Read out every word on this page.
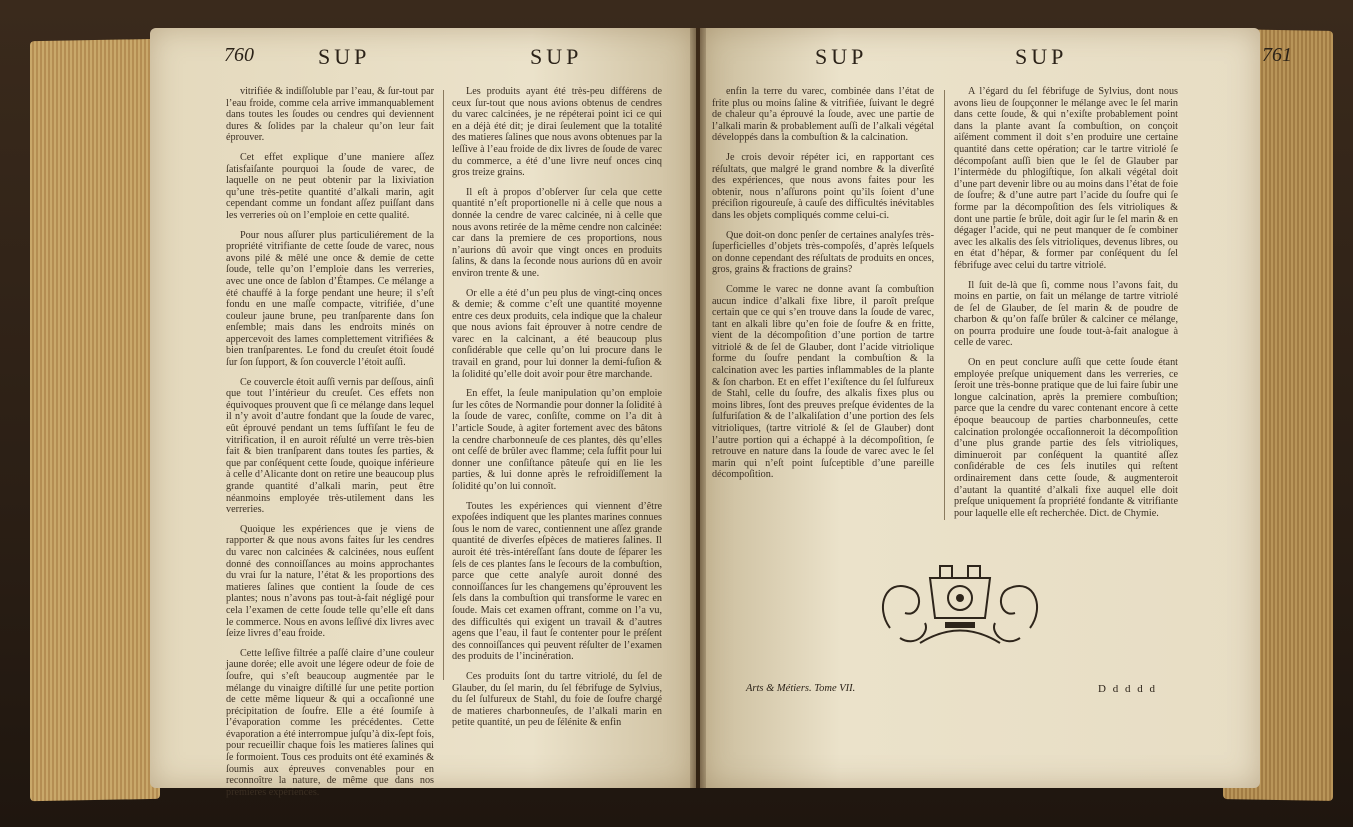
760	SUP	SUP	SUP	SUP	761

vitrifiée & indiſſoluble par l’eau, & ſur-tout par l’eau froide, comme cela arrive immanquablement dans toutes les ſoudes ou cendres qui deviennent dures & ſolides par la chaleur qu’on leur fait éprouver.

Cet effet explique d’une maniere aſſez ſatisfaiſante pourquoi la ſoude de varec, de laquelle on ne peut obtenir par la lixiviation qu’une très-petite quantité d’alkali marin, agit cependant comme un fondant aſſez puiſſant dans les verreries où on l’emploie en cette qualité.

Pour nous aſſurer plus particuliérement de la propriété vitrifiante de cette ſoude de varec, nous avons pilé & mêlé une once & demie de cette ſoude, telle qu’on l’emploie dans les verreries, avec une once de ſablon d’Étampes. Ce mélange a été chauffé à la forge pendant une heure; il s’eſt fondu en une maſſe compacte, vitrifiée, d’une couleur jaune brune, peu tranſparente dans ſon enſemble; mais dans les endroits minés on appercevoit des lames complettement vitrifiées & bien tranſparentes. Le fond du creuſet étoit ſoudé ſur ſon ſupport, & ſon couvercle l’étoit auſſi.

Ce couvercle étoit auſſi vernis par deſſous, ainſi que tout l’intérieur du creuſet. Ces effets non équivoques prouvent que ſi ce mélange dans lequel il n’y avoit d’autre fondant que la ſoude de varec, eût éprouvé pendant un tems ſuffiſant le feu de vitrification, il en auroit réſulté un verre très-bien fait & bien tranſparent dans toutes ſes parties, & que par conſéquent cette ſoude, quoique inférieure à celle d’Alicante dont on retire une beaucoup plus grande quantité d’alkali marin, peut être néanmoins employée très-utilement dans les verreries.

Quoique les expériences que je viens de rapporter & que nous avons faites ſur les cendres du varec non calcinées & calcinées, nous euſſent donné des connoiſſances au moins approchantes du vrai ſur la nature, l’état & les proportions des matieres ſalines que contient la ſoude de ces plantes; nous n’avons pas tout-à-fait négligé pour cela l’examen de cette ſoude telle qu’elle eſt dans le commerce. Nous en avons leſſivé dix livres avec ſeize livres d’eau froide.

Cette leſſive filtrée a paſſé claire d’une couleur jaune dorée; elle avoit une légere odeur de foie de ſoufre, qui s’eſt beaucoup augmentée par le mélange du vinaigre diſtillé ſur une petite portion de cette même liqueur & qui a occaſionné une précipitation de ſoufre. Elle a été ſoumiſe à l’évaporation comme les précédentes. Cette évaporation a été interrompue juſqu’à dix-ſept fois, pour recueillir chaque fois les matieres ſalines qui ſe formoient. Tous ces produits ont été examinés & ſoumis aux épreuves convenables pour en reconnoître la nature, de même que dans nos premieres expériences.

Les produits ayant été très-peu différens de ceux ſur-tout que nous avions obtenus de cendres du varec calcinées, je ne répéterai point ici ce qui en a déjà été dit; je dirai ſeulement que la totalité des matieres ſalines que nous avons obtenues par la leſſive à l’eau froide de dix livres de ſoude de varec du commerce, a été d’une livre neuf onces cinq gros treize grains.

Il eſt à propos d’obſerver ſur cela que cette quantité n’eſt proportionelle ni à celle que nous a donnée la cendre de varec calcinée, ni à celle que nous avons retirée de la même cendre non calcinée: car dans la premiere de ces proportions, nous n’aurions dû avoir que vingt onces en produits ſalins, & dans la ſeconde nous aurions dû en avoir environ trente & une.

Or elle a été d’un peu plus de vingt-cinq onces & demie; & comme c’eſt une quantité moyenne entre ces deux produits, cela indique que la chaleur que nous avions fait éprouver à notre cendre de varec en la calcinant, a été beaucoup plus conſidérable que celle qu’on lui procure dans le travail en grand, pour lui donner la demi-fuſion & la ſolidité qu’elle doit avoir pour être marchande.

En effet, la ſeule manipulation qu’on emploie ſur les côtes de Normandie pour donner la ſolidité à la ſoude de varec, conſiſte, comme on l’a dit à l’article Soude, à agiter fortement avec des bâtons la cendre charbonneuſe de ces plantes, dès qu’elles ont ceſſé de brûler avec flamme; cela ſuffit pour lui donner une conſiſtance pâteuſe qui en lie les parties, & lui donne après le refroidiſſement la ſolidité qu’on lui connoît.

Toutes les expériences qui viennent d’être expoſées indiquent que les plantes marines connues ſous le nom de varec, contiennent une aſſez grande quantité de diverſes eſpèces de matieres ſalines. Il auroit été très-intéreſſant ſans doute de ſéparer les ſels de ces plantes ſans le ſecours de la combuſtion, parce que cette analyſe auroit donné des connoiſſances ſur les changemens qu’éprouvent les ſels dans la combuſtion qui transforme le varec en ſoude. Mais cet examen offrant, comme on l’a vu, des difficultés qui exigent un travail & d’autres agens que l’eau, il faut ſe contenter pour le préſent des connoiſſances qui peuvent réſulter de l’examen des produits de l’incinération.

Ces produits ſont du tartre vitriolé, du ſel de Glauber, du ſel marin, du ſel fébrifuge de Sylvius, du ſel ſulfureux de Stahl, du foie de ſoufre chargé de matieres charbonneuſes, de l’alkali marin en petite quantité, un peu de ſélénite & enfin

enfin la terre du varec, combinée dans l’état de frite plus ou moins ſaline & vitrifiée, ſuivant le degré de chaleur qu’a éprouvé la ſoude, avec une partie de l’alkali marin & probablement auſſi de l’alkali végétal développés dans la combuſtion & la calcination.

Je crois devoir répéter ici, en rapportant ces réſultats, que malgré le grand nombre & la diverſité des expériences, que nous avons faites pour les obtenir, nous n’aſſurons point qu’ils ſoient d’une préciſion rigoureuſe, à cauſe des difficultés inévitables dans les objets compliqués comme celui-ci.

Que doit-on donc penſer de certaines analyſes très-ſuperficielles d’objets très-compoſés, d’après leſquels on donne cependant des réſultats de produits en onces, gros, grains & fractions de grains?

Comme le varec ne donne avant ſa combuſtion aucun indice d’alkali fixe libre, il paroît preſque certain que ce qui s’en trouve dans la ſoude de varec, tant en alkali libre qu’en foie de ſoufre & en fritte, vient de la décompoſition d’une portion de tartre vitriolé & de ſel de Glauber, dont l’acide vitriolique forme du ſoufre pendant la combuſtion & la calcination avec les parties inflammables de la plante & ſon charbon. Et en effet l’exiſtence du ſel ſulfureux de Stahl, celle du ſoufre, des alkalis fixes plus ou moins libres, ſont des preuves preſque évidentes de la ſulfuriſation & de l’alkaliſation d’une portion des ſels vitrioliques, (tartre vitriolé & ſel de Glauber) dont l’autre portion qui a échappé à la décompoſition, ſe retrouve en nature dans la ſoude de varec avec le ſel marin qui n’eſt point ſuſceptible d’une pareille décompoſition.

A l’égard du ſel fébrifuge de Sylvius, dont nous avons lieu de ſoupçonner le mélange avec le ſel marin dans cette ſoude, & qui n’exiſte probablement point dans la plante avant ſa combuſtion, on conçoit aiſément comment il doit s’en produire une certaine quantité dans cette opération; car le tartre vitriolé ſe décompoſant auſſi bien que le ſel de Glauber par l’intermède du phlogiſtique, ſon alkali végétal doit d’une part devenir libre ou au moins dans l’état de foie de ſoufre; & d’une autre part l’acide du ſoufre qui ſe forme par la décompoſition des ſels vitrioliques & dont une partie ſe brûle, doit agir ſur le ſel marin & en dégager l’acide, qui ne peut manquer de ſe combiner avec les alkalis des ſels vitrioliques, devenus libres, ou en état d’hépar, & former par conſéquent du ſel fébrifuge avec celui du tartre vitriolé.

Il ſuit de-là que ſi, comme nous l’avons fait, du moins en partie, on fait un mélange de tartre vitriolé de ſel de Glauber, de ſel marin & de poudre de charbon & qu’on faſſe brûler & calciner ce mélange, on pourra produire une ſoude tout-à-fait analogue à celle de varec.

On en peut conclure auſſi que cette ſoude étant employée preſque uniquement dans les verreries, ce ſeroit une très-bonne pratique que de lui faire ſubir une longue calcination, après la premiere combuſtion; parce que la cendre du varec contenant encore à cette époque beaucoup de parties charbonneuſes, cette calcination prolongée occaſionneroit la décompoſition d’une plus grande partie des ſels vitrioliques, diminueroit par conſéquent la quantité aſſez conſidérable de ces ſels inutiles qui reſtent ordinairement dans cette ſoude, & augmenteroit d’autant la quantité d’alkali fixe auquel elle doit preſque uniquement ſa propriété fondante & vitrifiante pour laquelle elle eſt recherchée. Dict. de Chymie.

Arts & Métiers. Tome VII.	D d d d d
